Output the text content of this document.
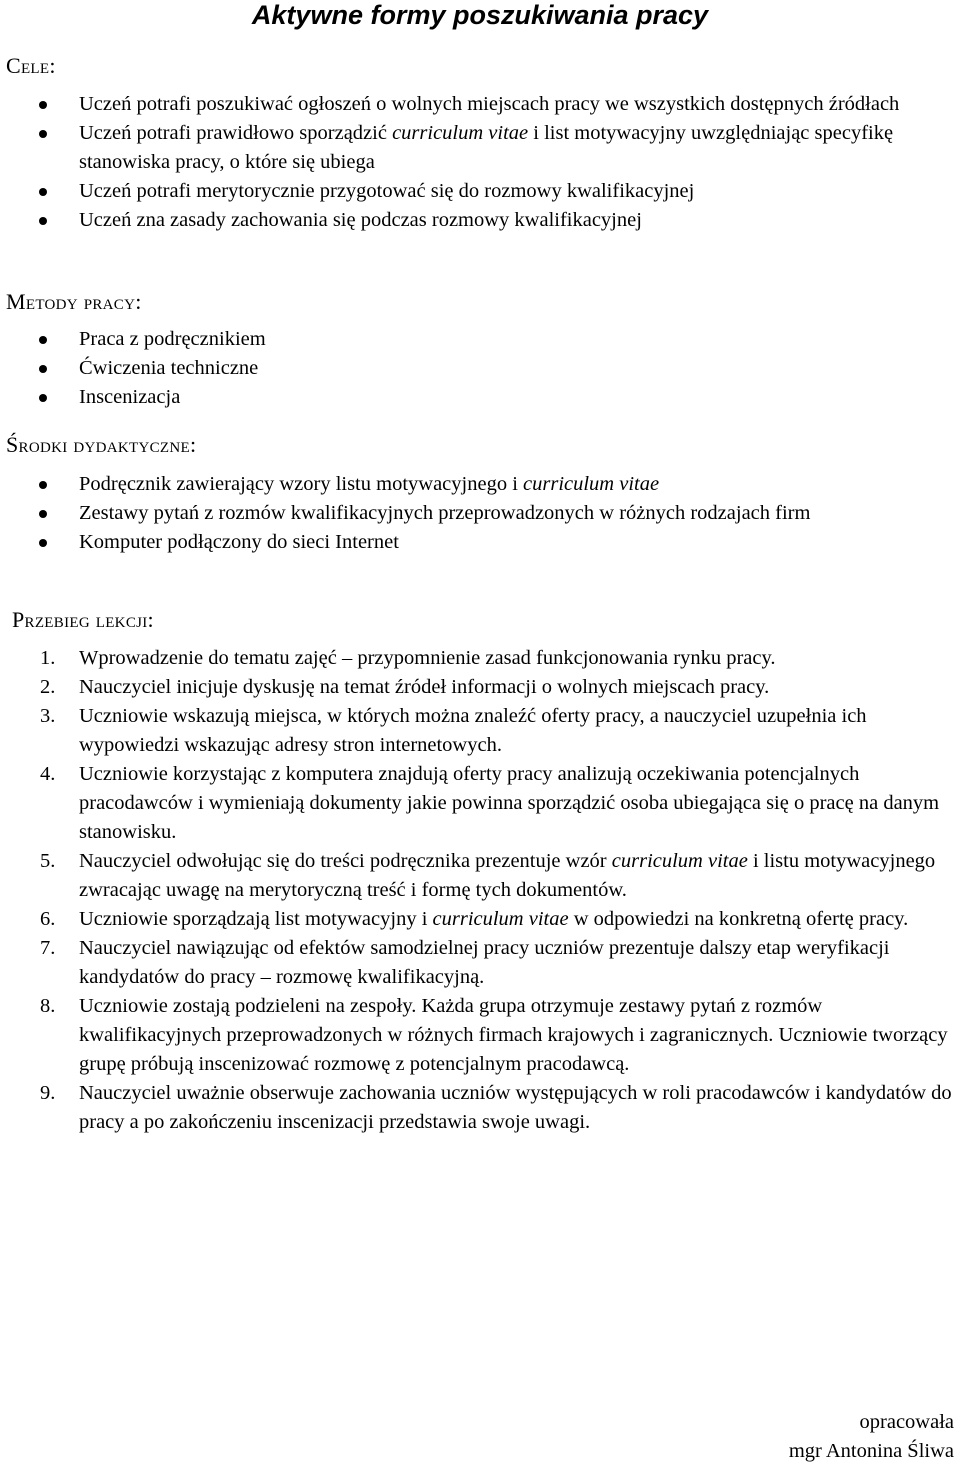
Aktywne formy poszukiwania pracy
Cele:
Uczeń potrafi poszukiwać ogłoszeń o wolnych miejscach pracy we wszystkich dostępnych źródłach
Uczeń potrafi prawidłowo sporządzić curriculum vitae i list motywacyjny uwzględniając specyfikę stanowiska pracy, o które się ubiega
Uczeń potrafi merytorycznie przygotować się do rozmowy kwalifikacyjnej
Uczeń zna zasady zachowania się podczas rozmowy kwalifikacyjnej
Metody pracy:
Praca z podręcznikiem
Ćwiczenia techniczne
Inscenizacja
Środki dydaktyczne:
Podręcznik zawierający wzory listu motywacyjnego i curriculum vitae
Zestawy pytań z rozmów kwalifikacyjnych przeprowadzonych w różnych rodzajach firm
Komputer podłączony do sieci Internet
Przebieg lekcji:
1. Wprowadzenie do tematu zajęć – przypomnienie zasad funkcjonowania rynku pracy.
2. Nauczyciel inicjuje dyskusję na temat źródeł informacji o wolnych miejscach pracy.
3. Uczniowie wskazują miejsca, w których można znaleźć oferty pracy, a nauczyciel uzupełnia ich wypowiedzi wskazując adresy stron internetowych.
4. Uczniowie korzystając z komputera znajdują oferty pracy analizują oczekiwania potencjalnych pracodawców i wymieniają dokumenty jakie powinna sporządzić osoba ubiegająca się o pracę na danym stanowisku.
5. Nauczyciel odwołując się do treści podręcznika prezentuje wzór curriculum vitae i listu motywacyjnego zwracając uwagę na merytoryczną treść i formę tych dokumentów.
6. Uczniowie sporządzają list motywacyjny i curriculum vitae w odpowiedzi na konkretną ofertę pracy.
7. Nauczyciel nawiązując od efektów samodzielnej pracy uczniów prezentuje dalszy etap weryfikacji kandydatów do pracy – rozmowę kwalifikacyjną.
8. Uczniowie zostają podzieleni na zespoły. Każda grupa otrzymuje zestawy pytań z rozmów kwalifikacyjnych przeprowadzonych w różnych firmach krajowych i zagranicznych. Uczniowie tworzący grupę próbują inscenizować rozmowę z potencjalnym pracodawcą.
9. Nauczyciel uważnie obserwuje zachowania uczniów występujących w roli pracodawców i kandydatów do pracy a po zakończeniu inscenizacji przedstawia swoje uwagi.
opracowała
mgr Antonina Śliwa
